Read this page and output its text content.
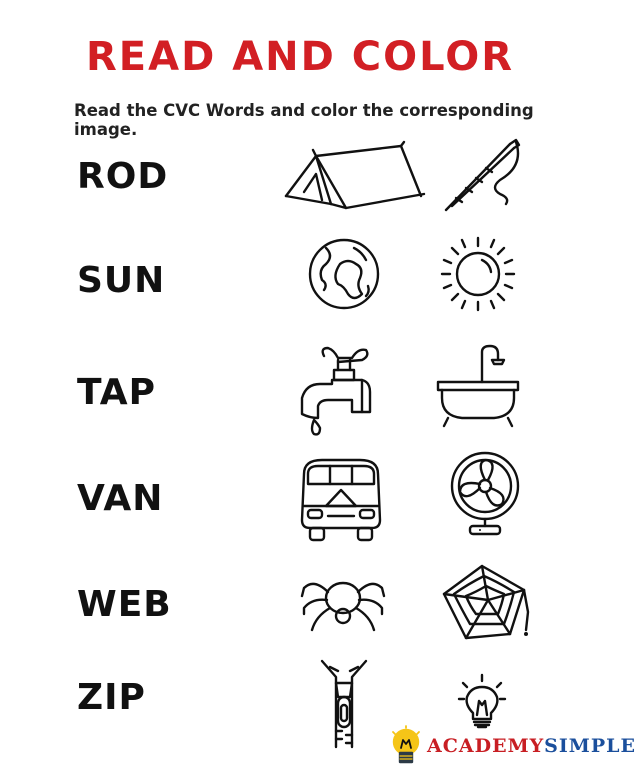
READ AND COLOR

Read the CVC Words and color the corresponding image.

ROD
SUN
TAP
VAN
WEB
ZIP
ACADEMYSIMPLE
